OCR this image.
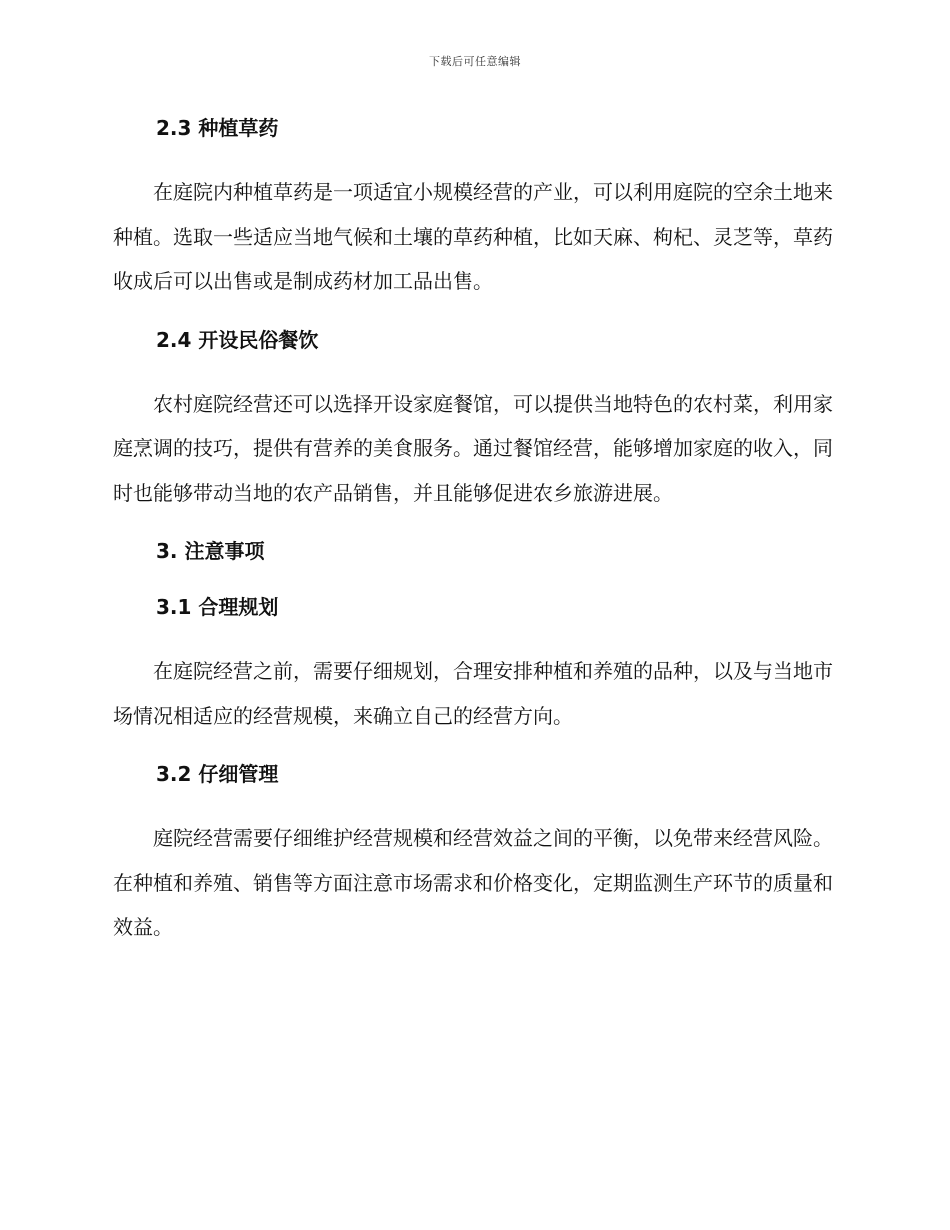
下载后可任意编辑
2.3 种植草药

在庭院内种植草药是一项适宜小规模经营的产业，可以利用庭院的空余土地来种植。选取一些适应当地气候和土壤的草药种植，比如天麻、枸杞、灵芝等，草药收成后可以出售或是制成药材加工品出售。

2.4 开设民俗餐饮

农村庭院经营还可以选择开设家庭餐馆，可以提供当地特色的农村菜，利用家庭烹调的技巧，提供有营养的美食服务。通过餐馆经营，能够增加家庭的收入，同时也能够带动当地的农产品销售，并且能够促进农乡旅游进展。

3. 注意事项
3.1 合理规划

在庭院经营之前，需要仔细规划，合理安排种植和养殖的品种，以及与当地市场情况相适应的经营规模，来确立自己的经营方向。

3.2 仔细管理

庭院经营需要仔细维护经营规模和经营效益之间的平衡，以免带来经营风险。在种植和养殖、销售等方面注意市场需求和价格变化，定期监测生产环节的质量和效益。
